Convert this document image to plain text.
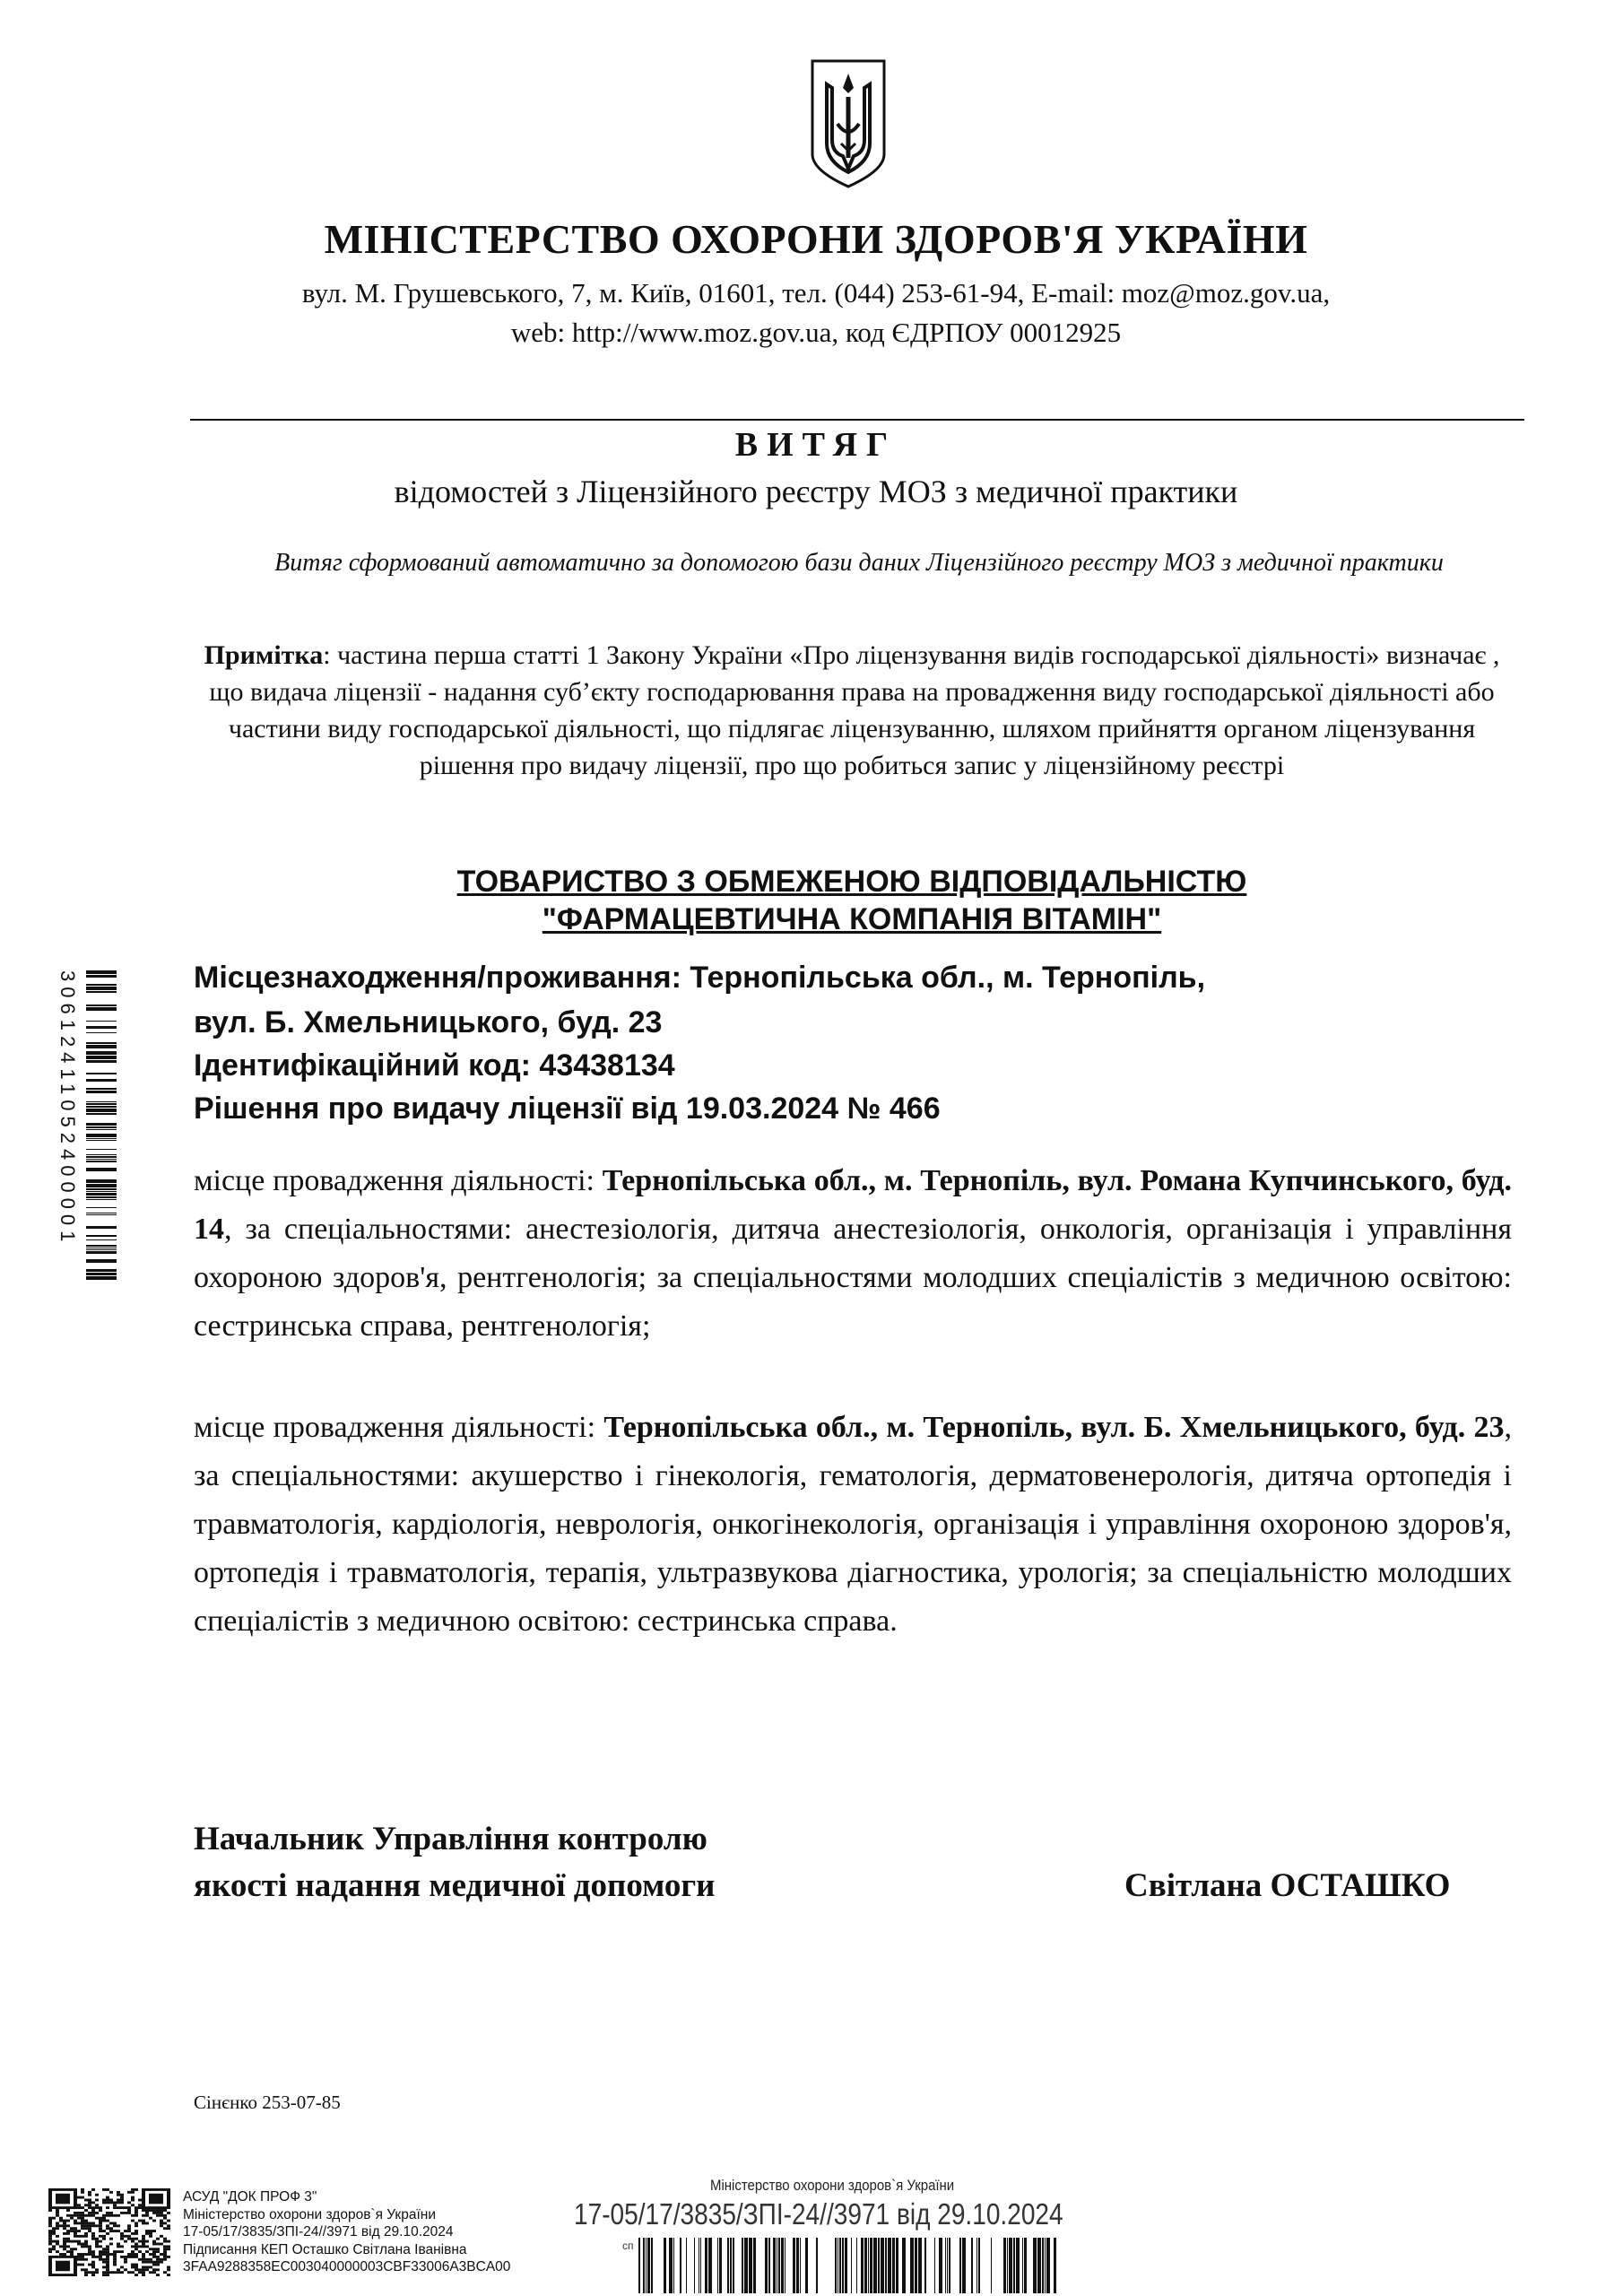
МІНІСТЕРСТВО ОХОРОНИ ЗДОРОВ'Я УКРАЇНИ
вул. М. Грушевського, 7, м. Київ, 01601, тел. (044) 253-61-94, E-mail: moz@moz.gov.ua,
web: http://www.moz.gov.ua, код ЄДРПОУ 00012925
ВИТЯГ
відомостей з Ліцензійного реєстру МОЗ з медичної практики
Витяг сформований автоматично за допомогою бази даних Ліцензійного реєстру МОЗ з медичної практики
Примітка: частина перша статті 1 Закону України «Про ліцензування видів господарської діяльності» визначає , що видача ліцензії - надання суб’єкту господарювання права на провадження виду господарської діяльності або частини виду господарської діяльності, що підлягає ліцензуванню, шляхом прийняття органом ліцензування рішення про видачу ліцензії, про що робиться запис у ліцензійному реєстрі
ТОВАРИСТВО З ОБМЕЖЕНОЮ ВІДПОВІДАЛЬНІСТЮ
"ФАРМАЦЕВТИЧНА КОМПАНІЯ ВІТАМІН"
Місцезнаходження/проживання: Тернопільська обл., м. Тернопіль,
вул. Б. Хмельницького, буд. 23
Ідентифікаційний код: 43438134
Рішення про видачу ліцензії від 19.03.2024 № 466
місце провадження діяльності: Тернопільська обл., м. Тернопіль, вул. Романа Купчинського, буд. 14, за спеціальностями: анестезіологія, дитяча анестезіологія, онкологія, організація і управління охороною здоров'я, рентгенологія; за спеціальностями молодших спеціалістів з медичною освітою: сестринська справа, рентгенологія;
місце провадження діяльності: Тернопільська обл., м. Тернопіль, вул. Б. Хмельницького, буд. 23, за спеціальностями: акушерство і гінекологія, гематологія, дерматовенерологія, дитяча ортопедія і травматологія, кардіологія, неврологія, онкогінекологія, організація і управління охороною здоров'я, ортопедія і травматологія, терапія, ультразвукова діагностика, урологія; за спеціальністю молодших спеціалістів з медичною освітою: сестринська справа.
Начальник Управління контролю
якості надання медичної допомоги	Світлана ОСТАШКО
Сінєнко 253-07-85
АСУД "ДОК ПРОФ 3"
Міністерство охорони здоров`я України
17-05/17/3835/ЗПІ-24//3971 від 29.10.2024
Підписання КЕП Осташко Світлана Іванівна
3FAA9288358EC003040000003CBF33006A3BCA00
Міністерство охорони здоров`я України
17-05/17/3835/ЗПІ-24//3971 від 29.10.2024
сп
30612411052400001
